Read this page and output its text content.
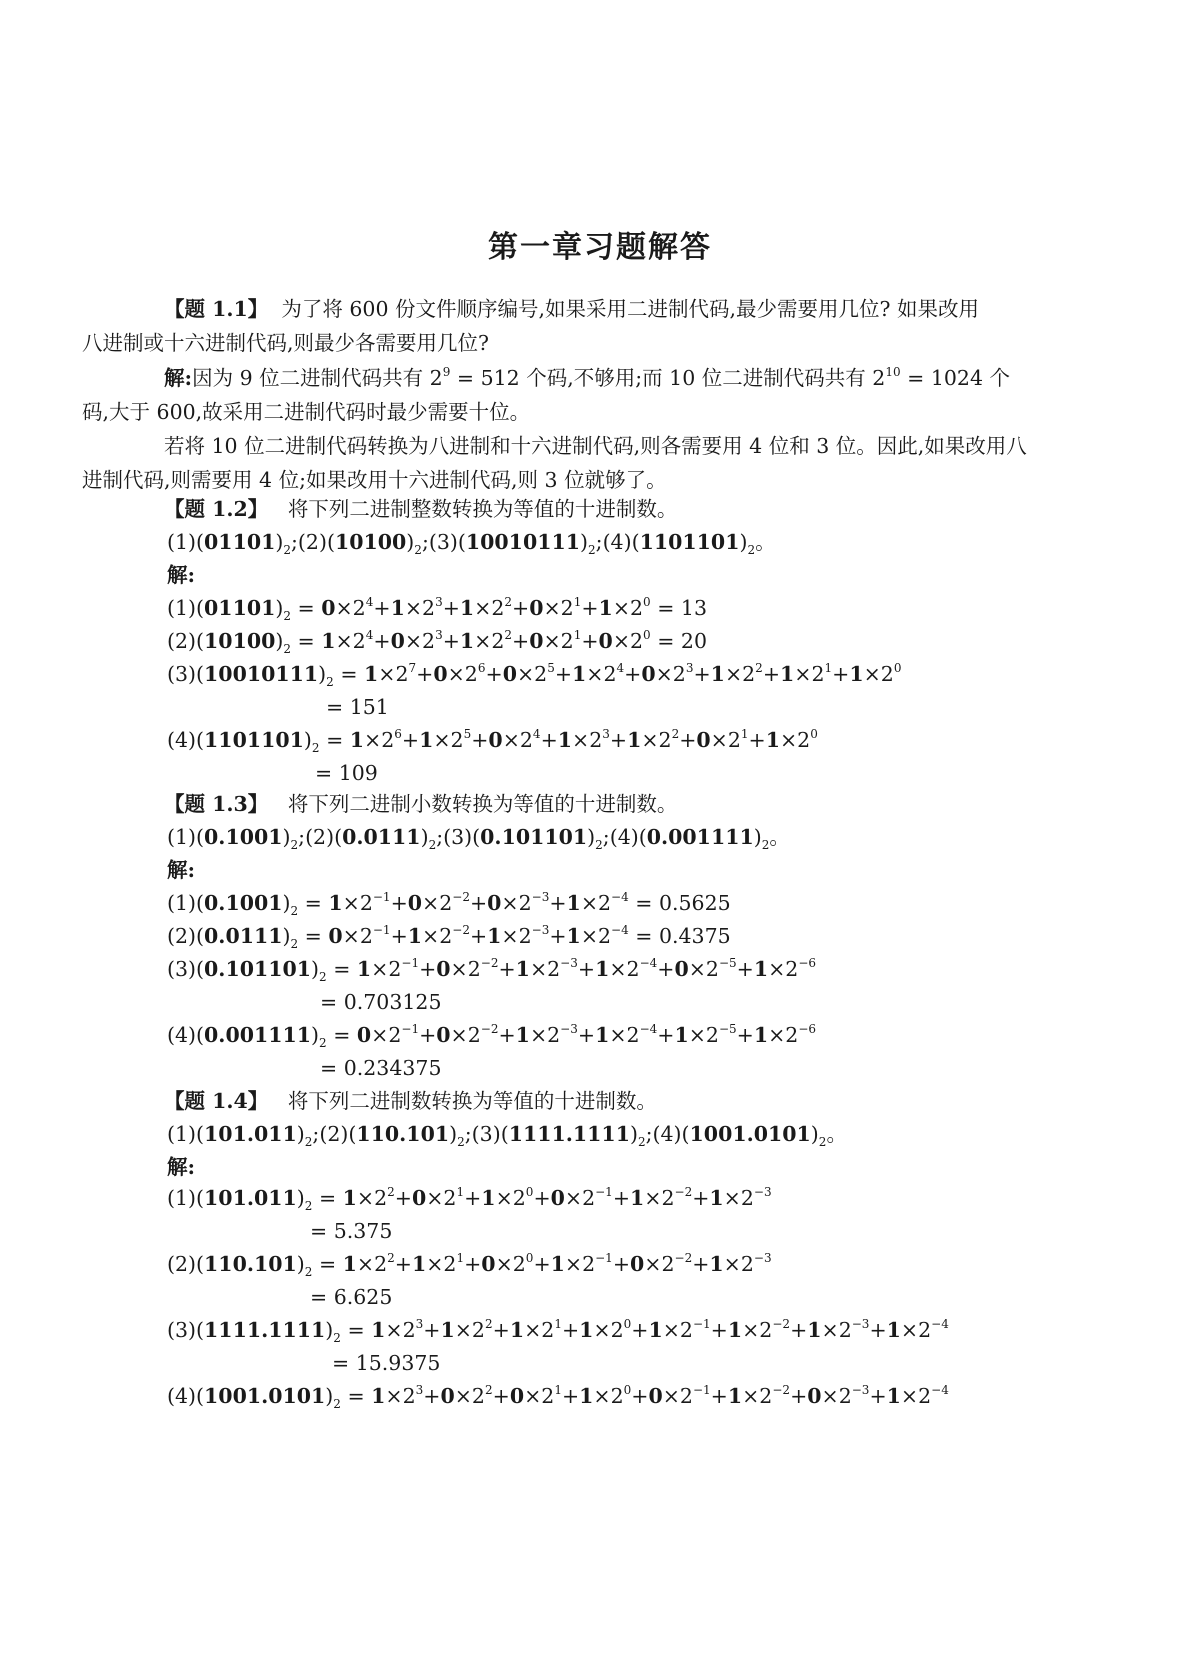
第一章习题解答
【题 1.1】 为了将 600 份文件顺序编号,如果采用二进制代码,最少需要用几位? 如果改用
八进制或十六进制代码,则最少各需要用几位?
解:因为 9 位二进制代码共有 $2^9 = 512$ 个码,不够用;而 10 位二进制代码共有 $2^{10} = 1024$ 个
码,大于 600,故采用二进制代码时最少需要十位。
若将 10 位二进制代码转换为八进制和十六进制代码,则各需要用 4 位和 3 位。因此,如果改用八
进制代码,则需要用 4 位;如果改用十六进制代码,则 3 位就够了。
【题 1.2】 将下列二进制整数转换为等值的十进制数。
$(1)(01101)_2;(2)(10100)_2;(3)(10010111)_2;(4)(1101101)_2$。
解:
$(1)(01101)_2 = 0\times 2^4+1\times 2^3+1\times 2^2+0\times 2^1+1\times 2^0 = 13$
$(2)(10100)_2 = 1\times 2^4+0\times 2^3+1\times 2^2+0\times 2^1+0\times 2^0 = 20$
$(3)(10010111)_2 = 1\times 2^7+0\times 2^6+0\times 2^5+1\times 2^4+0\times 2^3+1\times 2^2+1\times 2^1+1\times 2^0$
= 151
$(4)(1101101)_2 = 1\times 2^6+1\times 2^5+0\times 2^4+1\times 2^3+1\times 2^2+0\times 2^1+1\times 2^0$
= 109
【题 1.3】 将下列二进制小数转换为等值的十进制数。
$(1)(0.1001)_2;(2)(0.0111)_2;(3)(0.101101)_2;(4)(0.001111)_2$。
解:
$(1)(0.1001)_2 = 1\times 2^{-1}+0\times 2^{-2}+0\times 2^{-3}+1\times 2^{-4} = 0.5625$
$(2)(0.0111)_2 = 0\times 2^{-1}+1\times 2^{-2}+1\times 2^{-3}+1\times 2^{-4} = 0.4375$
$(3)(0.101101)_2 = 1\times 2^{-1}+0\times 2^{-2}+1\times 2^{-3}+1\times 2^{-4}+0\times 2^{-5}+1\times 2^{-6}$
= 0.703125
$(4)(0.001111)_2 = 0\times 2^{-1}+0\times 2^{-2}+1\times 2^{-3}+1\times 2^{-4}+1\times 2^{-5}+1\times 2^{-6}$
= 0.234375
【题 1.4】 将下列二进制数转换为等值的十进制数。
$(1)(101.011)_2;(2)(110.101)_2;(3)(1111.1111)_2;(4)(1001.0101)_2$。
解:
$(1)(101.011)_2 = 1\times 2^2+0\times 2^1+1\times 2^0+0\times 2^{-1}+1\times 2^{-2}+1\times 2^{-3}$
= 5.375
$(2)(110.101)_2 = 1\times 2^2+1\times 2^1+0\times 2^0+1\times 2^{-1}+0\times 2^{-2}+1\times 2^{-3}$
= 6.625
$(3)(1111.1111)_2 = 1\times 2^3+1\times 2^2+1\times 2^1+1\times 2^0+1\times 2^{-1}+1\times 2^{-2}+1\times 2^{-3}+1\times 2^{-4}$
= 15.9375
$(4)(1001.0101)_2 = 1\times 2^3+0\times 2^2+0\times 2^1+1\times 2^0+0\times 2^{-1}+1\times 2^{-2}+0\times 2^{-3}+1\times 2^{-4}$
